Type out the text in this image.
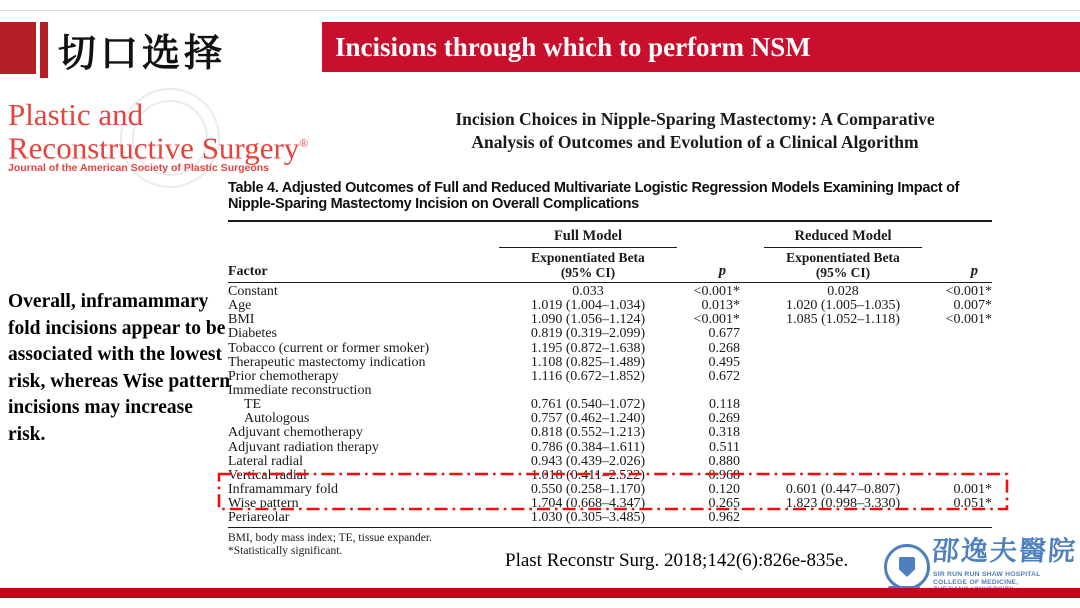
切口选择	Incisions through which to perform NSM
Plastic and
Reconstructive Surgery®
Journal of the American Society of Plastic Surgeons
Incision Choices in Nipple-Sparing Mastectomy: A Comparative
Analysis of Outcomes and Evolution of a Clinical Algorithm
Overall, inframammary fold incisions appear to be associated with the lowest risk, whereas Wise pattern incisions may increase risk.
Table 4. Adjusted Outcomes of Full and Reduced Multivariate Logistic Regression Models Examining Impact of
Nipple-Sparing Mastectomy Incision on Overall Complications
Full Model	Reduced Model
Factor
Exponentiated Beta
(95% CI)	p
Exponentiated Beta
(95% CI)	p
Constant	0.033	<0.001*	0.028	<0.001*
Age	1.019 (1.004–1.034)	0.013*	1.020 (1.005–1.035)	0.007*
BMI	1.090 (1.056–1.124)	<0.001*	1.085 (1.052–1.118)	<0.001*
Diabetes	0.819 (0.319–2.099)	0.677
Tobacco (current or former smoker)	1.195 (0.872–1.638)	0.268
Therapeutic mastectomy indication	1.108 (0.825–1.489)	0.495
Prior chemotherapy	1.116 (0.672–1.852)	0.672
Immediate reconstruction
TE	0.761 (0.540–1.072)	0.118
Autologous	0.757 (0.462–1.240)	0.269
Adjuvant chemotherapy	0.818 (0.552–1.213)	0.318
Adjuvant radiation therapy	0.786 (0.384–1.611)	0.511
Lateral radial	0.943 (0.439–2.026)	0.880
Vertical radial	1.018 (0.411–2.522)	0.968
Inframammary fold	0.550 (0.258–1.170)	0.120	0.601 (0.447–0.807)	0.001*
Wise pattern	1.704 (0.668–4.347)	0.265	1.823 (0.998–3.330)	0.051*
Periareolar	1.030 (0.305–3.485)	0.962
BMI, body mass index; TE, tissue expander.
*Statistically significant.	Plast Reconstr Surg. 2018;142(6):826e-835e.	邵逸夫醫院
SIR RUN RUN SHAW HOSPITAL
COLLEGE OF MEDICINE,
